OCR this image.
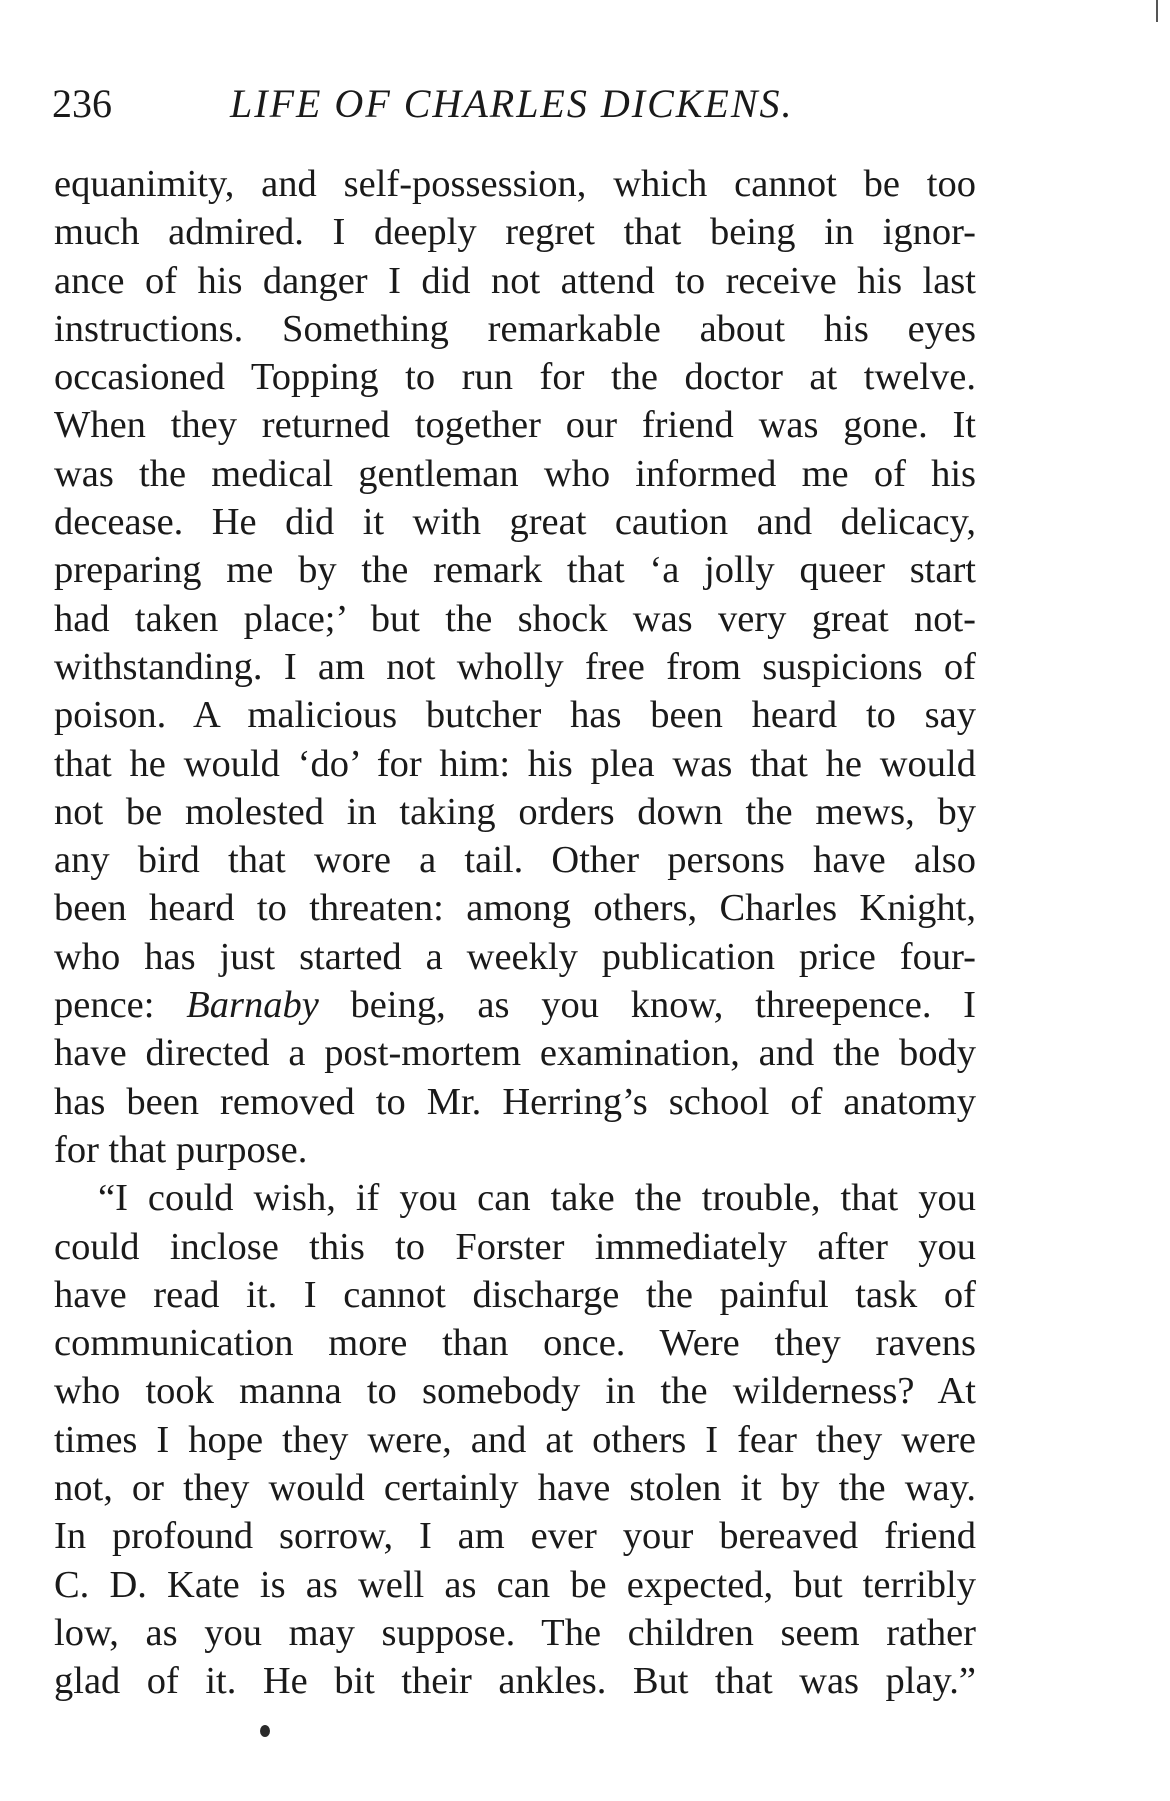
236	LIFE OF CHARLES DICKENS.
equanimity, and self-possession, which cannot be too
much admired. I deeply regret that being in ignor-
ance of his danger I did not attend to receive his last
instructions. Something remarkable about his eyes
occasioned Topping to run for the doctor at twelve.
When they returned together our friend was gone. It
was the medical gentleman who informed me of his
decease. He did it with great caution and delicacy,
preparing me by the remark that ‘a jolly queer start
had taken place;’ but the shock was very great not-
withstanding. I am not wholly free from suspicions of
poison. A malicious butcher has been heard to say
that he would ‘do’ for him: his plea was that he would
not be molested in taking orders down the mews, by
any bird that wore a tail. Other persons have also
been heard to threaten: among others, Charles Knight,
who has just started a weekly publication price four-
pence: Barnaby being, as you know, threepence. I
have directed a post-mortem examination, and the body
has been removed to Mr. Herring’s school of anatomy
for that purpose.
“I could wish, if you can take the trouble, that you
could inclose this to Forster immediately after you
have read it. I cannot discharge the painful task of
communication more than once. Were they ravens
who took manna to somebody in the wilderness? At
times I hope they were, and at others I fear they were
not, or they would certainly have stolen it by the way.
In profound sorrow, I am ever your bereaved friend
C. D. Kate is as well as can be expected, but terribly
low, as you may suppose. The children seem rather
glad of it. He bit their ankles. But that was play.”
